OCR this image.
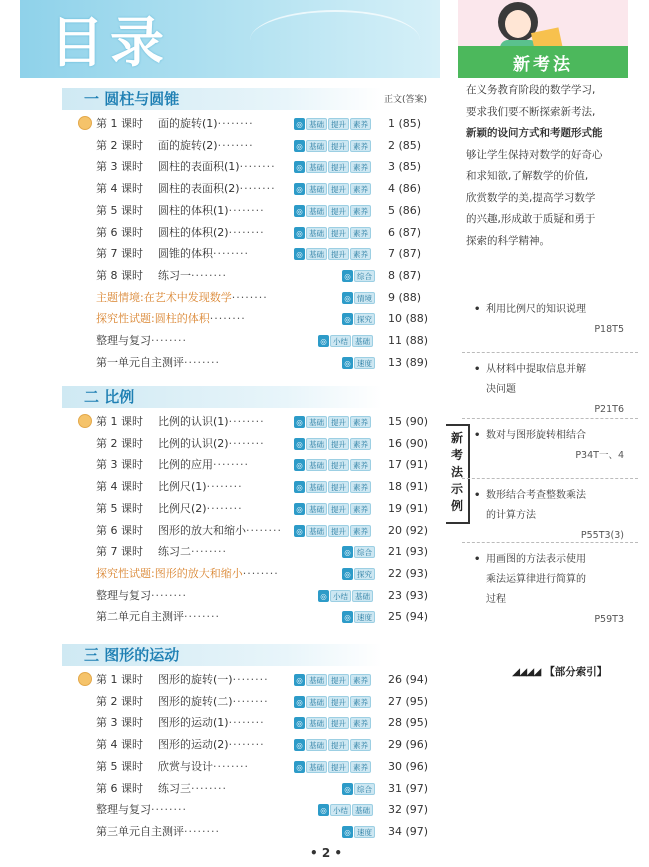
目录
正文(答案)
新考法
在义务教育阶段的数学学习,
要求我们要不断探索新考法,
新颖的设问方式和考题形式能
够让学生保持对数学的好奇心
和求知欲,了解数学的价值,
欣赏数学的美,提高学习数学
的兴趣,形成敢于质疑和勇于
探索的科学精神。
新
考
法
示
例
• 利用比例尺的知识说理
P18T5
• 从材料中提取信息并解
决问题
P21T6
• 数对与图形旋转相结合
P34T一、4
• 数形结合考查整数乘法
的计算方法
P55T3(3)
• 用画图的方法表示使用
乘法运算律进行简算的
过程
P59T3
◢◢◢◢ 【部分索引】
一 圆柱与圆锥
第 1 课时 面的旋转(1)········	◎ 基础 提升 素养 1 (85)
第 2 课时 面的旋转(2)········	◎ 基础 提升 素养 2 (85)
第 3 课时 圆柱的表面积(1)········	◎ 基础 提升 素养 3 (85)
第 4 课时 圆柱的表面积(2)········	◎ 基础 提升 素养 4 (86)
第 5 课时 圆柱的体积(1)········	◎ 基础 提升 素养 5 (86)
第 6 课时 圆柱的体积(2)········	◎ 基础 提升 素养 6 (87)
第 7 课时 圆锥的体积········	◎ 基础 提升 素养 7 (87)
第 8 课时 练习一········	◎ 综合 8 (87)
主题情境:在艺术中发现数学········	◎ 情境 9 (88)
探究性试题:圆柱的体积········	◎ 探究 10 (88)
整理与复习········	◎ 小结 基础 11 (88)
第一单元自主测评········	◎ 速度 13 (89)
二 比例
第 1 课时 比例的认识(1)········	◎ 基础 提升 素养 15 (90)
第 2 课时 比例的认识(2)········	◎ 基础 提升 素养 16 (90)
第 3 课时 比例的应用········	◎ 基础 提升 素养 17 (91)
第 4 课时 比例尺(1)········	◎ 基础 提升 素养 18 (91)
第 5 课时 比例尺(2)········	◎ 基础 提升 素养 19 (91)
第 6 课时 图形的放大和缩小········ ◎ 基础 提升 素养 20 (92)
第 7 课时 练习二········	◎ 综合 21 (93)
探究性试题:图形的放大和缩小········	◎ 探究 22 (93)
整理与复习········	◎ 小结 基础 23 (93)
第二单元自主测评········	◎ 速度 25 (94)
三 图形的运动
第 1 课时 图形的旋转(一)········	◎ 基础 提升 素养 26 (94)
第 2 课时 图形的旋转(二)········	◎ 基础 提升 素养 27 (95)
第 3 课时 图形的运动(1)········	◎ 基础 提升 素养 28 (95)
第 4 课时 图形的运动(2)········	◎ 基础 提升 素养 29 (96)
第 5 课时 欣赏与设计········	◎ 基础 提升 素养 30 (96)
第 6 课时 练习三········	◎ 综合 31 (97)
整理与复习········	◎ 小结 基础 32 (97)
第三单元自主测评········	◎ 速度 34 (97)
• 2 •
